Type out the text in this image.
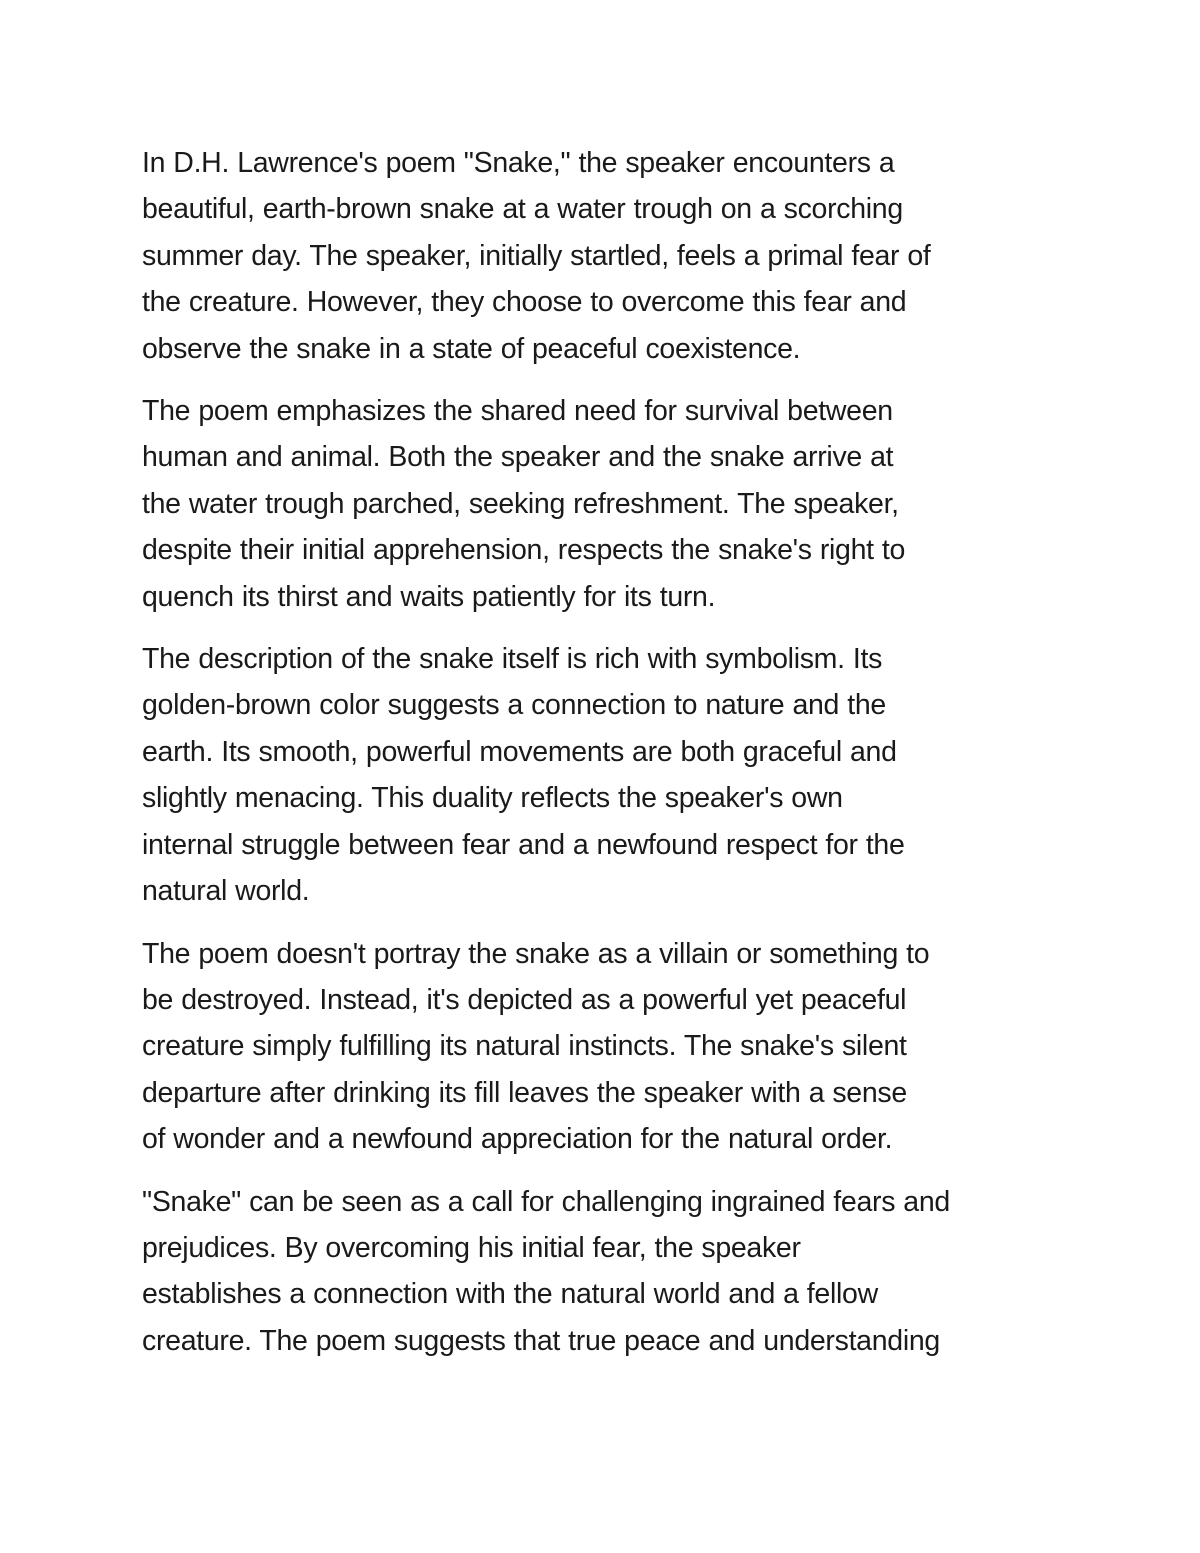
In D.H. Lawrence's poem "Snake," the speaker encounters a
beautiful, earth-brown snake at a water trough on a scorching
summer day. The speaker, initially startled, feels a primal fear of
the creature. However, they choose to overcome this fear and
observe the snake in a state of peaceful coexistence.

The poem emphasizes the shared need for survival between
human and animal. Both the speaker and the snake arrive at
the water trough parched, seeking refreshment. The speaker,
despite their initial apprehension, respects the snake's right to
quench its thirst and waits patiently for its turn.

The description of the snake itself is rich with symbolism. Its
golden-brown color suggests a connection to nature and the
earth. Its smooth, powerful movements are both graceful and
slightly menacing. This duality reflects the speaker's own
internal struggle between fear and a newfound respect for the
natural world.

The poem doesn't portray the snake as a villain or something to
be destroyed. Instead, it's depicted as a powerful yet peaceful
creature simply fulfilling its natural instincts. The snake's silent
departure after drinking its fill leaves the speaker with a sense
of wonder and a newfound appreciation for the natural order.

"Snake" can be seen as a call for challenging ingrained fears and
prejudices. By overcoming his initial fear, the speaker
establishes a connection with the natural world and a fellow
creature. The poem suggests that true peace and understanding
